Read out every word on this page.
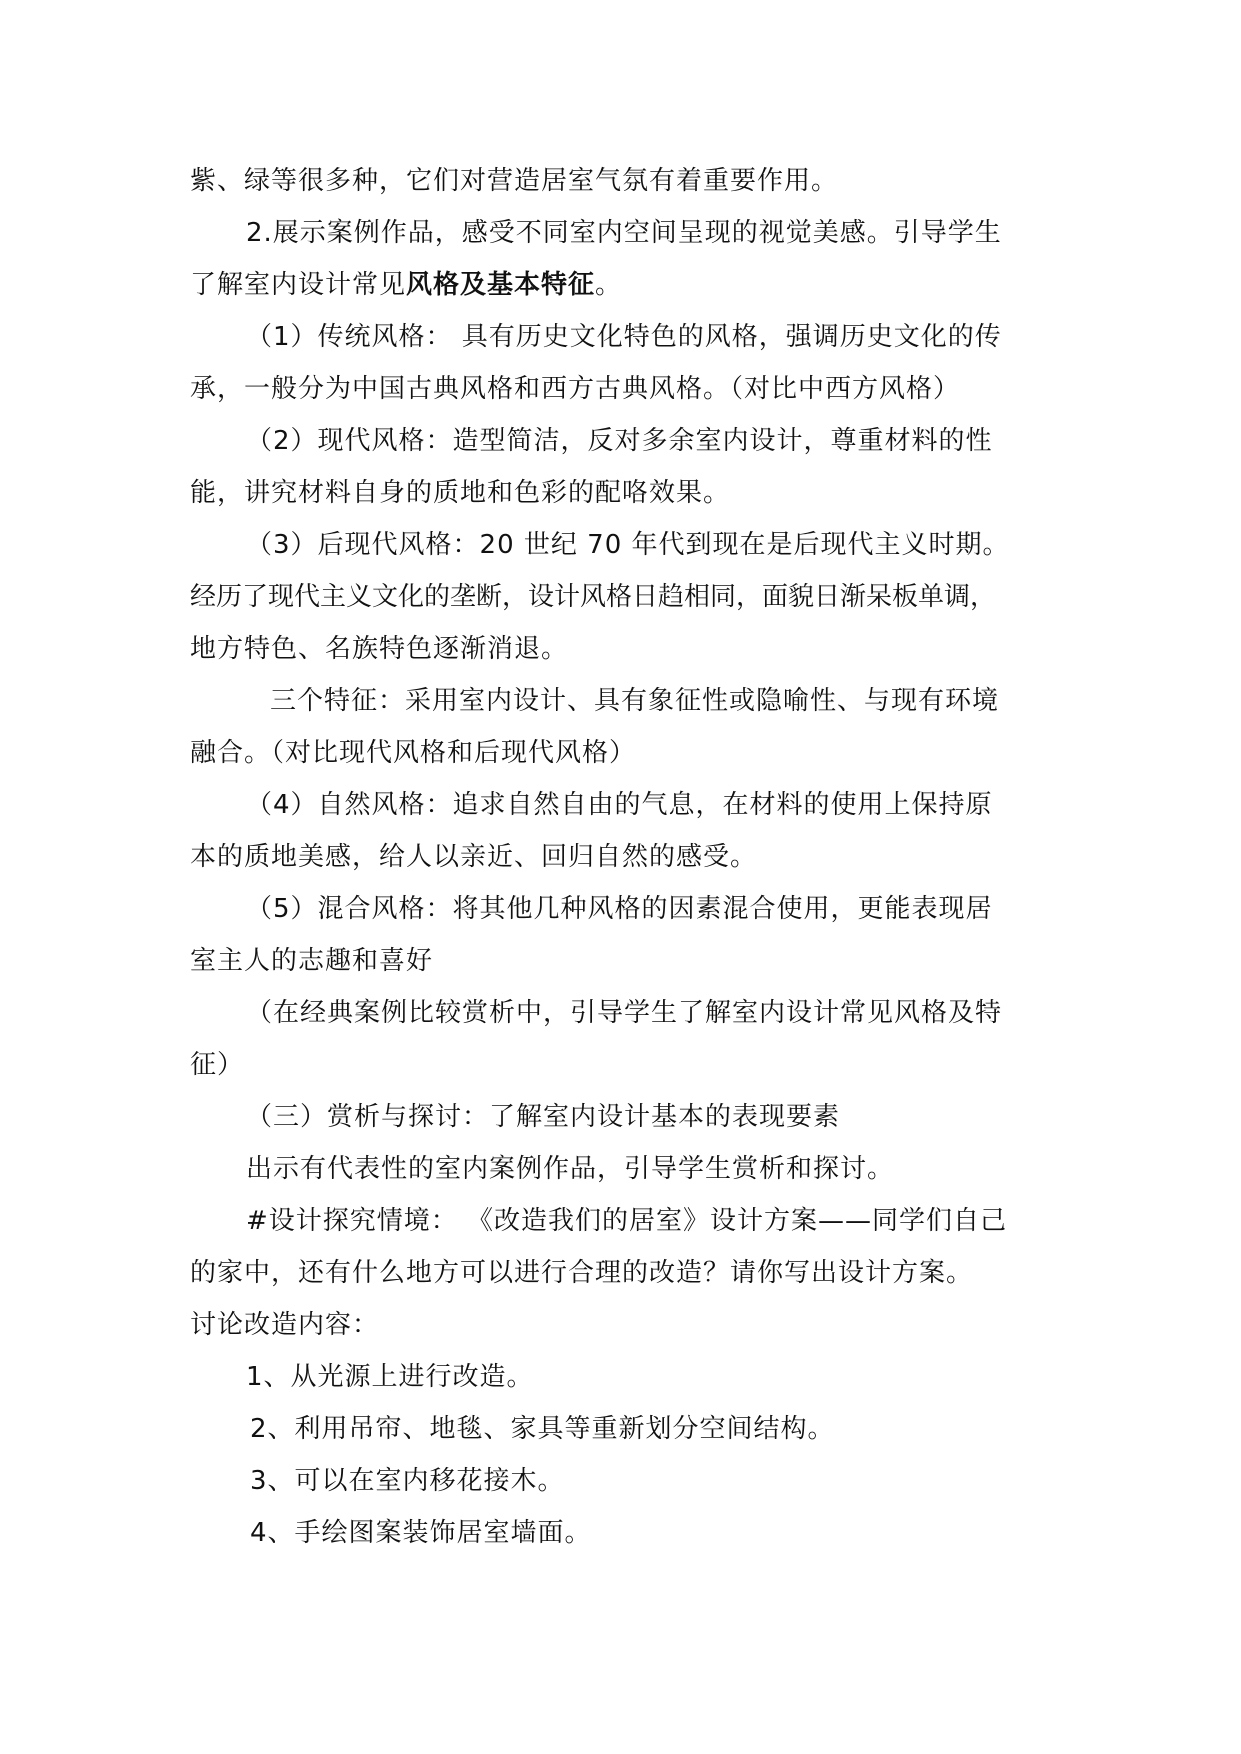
紫、绿等很多种，它们对营造居室气氛有着重要作用。
2.展示案例作品，感受不同室内空间呈现的视觉美感。引导学生
了解室内设计常见风格及基本特征。
（1）传统风格： 具有历史文化特色的风格，强调历史文化的传
承，一般分为中国古典风格和西方古典风格。（对比中西方风格）
（2）现代风格：造型简洁，反对多余室内设计，尊重材料的性
能，讲究材料自身的质地和色彩的配咯效果。
（3）后现代风格：20 世纪 70 年代到现在是后现代主义时期。
经历了现代主义文化的垄断，设计风格日趋相同，面貌日渐呆板单调，
地方特色、名族特色逐渐消退。
三个特征：采用室内设计、具有象征性或隐喻性、与现有环境
融合。（对比现代风格和后现代风格）
（4）自然风格：追求自然自由的气息，在材料的使用上保持原
本的质地美感，给人以亲近、回归自然的感受。
（5）混合风格：将其他几种风格的因素混合使用，更能表现居
室主人的志趣和喜好
（在经典案例比较赏析中，引导学生了解室内设计常见风格及特
征）
（三）赏析与探讨：了解室内设计基本的表现要素
出示有代表性的室内案例作品，引导学生赏析和探讨。
#设计探究情境： 《改造我们的居室》设计方案——同学们自己
的家中，还有什么地方可以进行合理的改造？请你写出设计方案。
讨论改造内容：
1、从光源上进行改造。
2、利用吊帘、地毯、家具等重新划分空间结构。
3、可以在室内移花接木。
4、手绘图案装饰居室墙面。
